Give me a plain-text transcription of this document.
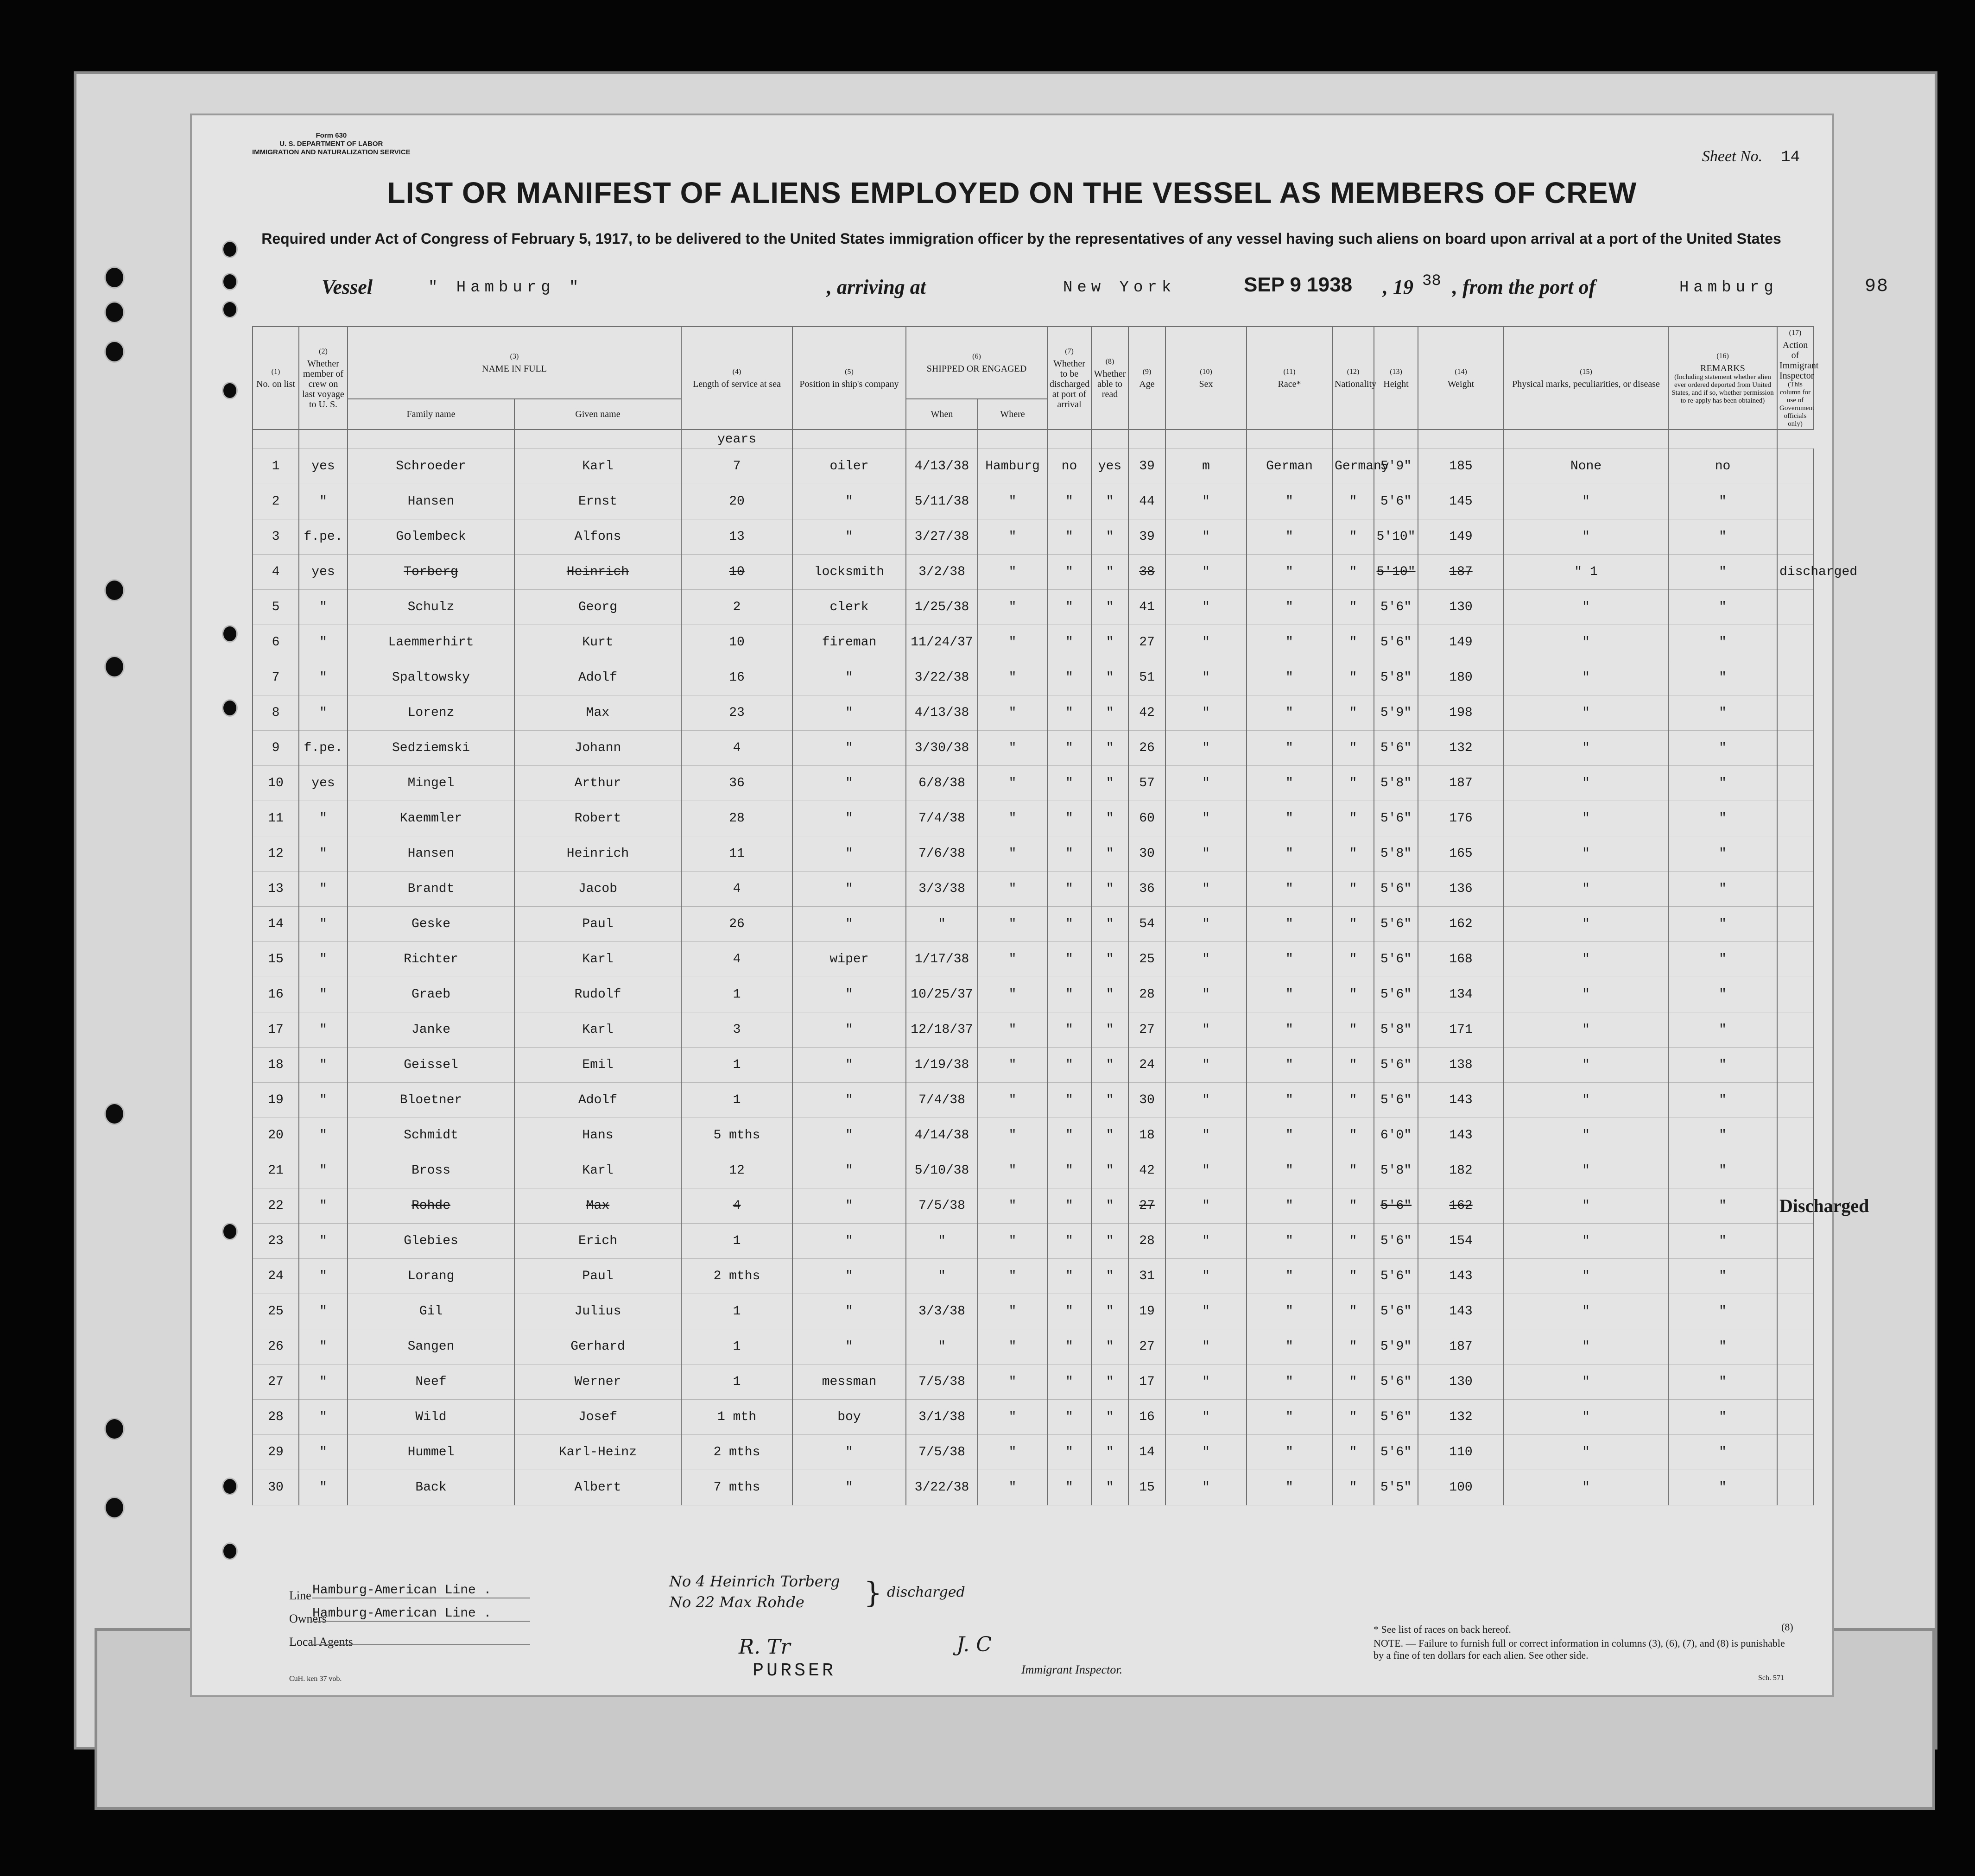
Form 630
U. S. DEPARTMENT OF LABOR
IMMIGRATION AND NATURALIZATION SERVICE	Sheet No. 14
LIST OR MANIFEST OF ALIENS EMPLOYED ON THE VESSEL AS MEMBERS OF CREW
Required under Act of Congress of February 5, 1917, to be delivered to the United States immigration officer by the representatives of any vessel having such aliens on board upon arrival at a port of the United States
Vessel	" Hamburg "	, arriving at	New York	SEP 9 1938 , 19 38 , from the port of	Hamburg	98
(1)
No. on list	(2)
Whether member of crew on last voyage to U. S.	(3)
NAME IN FULL		(4)
Length of service at sea	(5)
Position in ship's company	(6)
SHIPPED OR ENGAGED		(7)
Whether to be discharged at port of arrival	(8)
Whether able to read	(9)
Age	(10)
Sex	(11)
Race*	(12)
Nationality	(13)
Height	(14)
Weight	(15)
Physical marks, peculiarities, or disease	(16)
REMARKS

(Including statement whether alien ever ordered deported from United States, and if so, whether permission to re-apply has been obtained)	(17)
Action of Immigrant Inspector

(This column for use of Government officials only)

		Family name	Given name			When	Where											
				years														
1	yes	Schroeder	Karl	7	oiler	4/13/38	Hamburg	no	yes	39	m	German	Germany	5'9"	185	None	no	
2	"	Hansen	Ernst	20	"	5/11/38	"	"	"	44	"	"	"	5'6"	145	"	"	
3	f.pe.	Golembeck	Alfons	13	"	3/27/38	"	"	"	39	"	"	"	5'10"	149	"	"	
4	yes	Torberg	Heinrich	10	locksmith	3/2/38	"	"	"	38	"	"	"	5'10"	187	" 1	"	discharged
5	"	Schulz	Georg	2	clerk	1/25/38	"	"	"	41	"	"	"	5'6"	130	"	"	
6	"	Laemmerhirt	Kurt	10	fireman	11/24/37	"	"	"	27	"	"	"	5'6"	149	"	"	
7	"	Spaltowsky	Adolf	16	"	3/22/38	"	"	"	51	"	"	"	5'8"	180	"	"	
8	"	Lorenz	Max	23	"	4/13/38	"	"	"	42	"	"	"	5'9"	198	"	"	
9	f.pe.	Sedziemski	Johann	4	"	3/30/38	"	"	"	26	"	"	"	5'6"	132	"	"	
10	yes	Mingel	Arthur	36	"	6/8/38	"	"	"	57	"	"	"	5'8"	187	"	"	
11	"	Kaemmler	Robert	28	"	7/4/38	"	"	"	60	"	"	"	5'6"	176	"	"	
12	"	Hansen	Heinrich	11	"	7/6/38	"	"	"	30	"	"	"	5'8"	165	"	"	
13	"	Brandt	Jacob	4	"	3/3/38	"	"	"	36	"	"	"	5'6"	136	"	"	
14	"	Geske	Paul	26	"	"	"	"	"	54	"	"	"	5'6"	162	"	"	
15	"	Richter	Karl	4	wiper	1/17/38	"	"	"	25	"	"	"	5'6"	168	"	"	
16	"	Graeb	Rudolf	1	"	10/25/37	"	"	"	28	"	"	"	5'6"	134	"	"	
17	"	Janke	Karl	3	"	12/18/37	"	"	"	27	"	"	"	5'8"	171	"	"	
18	"	Geissel	Emil	1	"	1/19/38	"	"	"	24	"	"	"	5'6"	138	"	"	
19	"	Bloetner	Adolf	1	"	7/4/38	"	"	"	30	"	"	"	5'6"	143	"	"	
20	"	Schmidt	Hans	5 mths	"	4/14/38	"	"	"	18	"	"	"	6'0"	143	"	"	
21	"	Bross	Karl	12	"	5/10/38	"	"	"	42	"	"	"	5'8"	182	"	"	
22	"	Rohde	Max	4	"	7/5/38	"	"	"	27	"	"	"	5'6"	162	"	"	Discharged
23	"	Glebies	Erich	1	"	"	"	"	"	28	"	"	"	5'6"	154	"	"	
24	"	Lorang	Paul	2 mths	"	"	"	"	"	31	"	"	"	5'6"	143	"	"	
25	"	Gil	Julius	1	"	3/3/38	"	"	"	19	"	"	"	5'6"	143	"	"	
26	"	Sangen	Gerhard	1	"	"	"	"	"	27	"	"	"	5'9"	187	"	"	
27	"	Neef	Werner	1	messman	7/5/38	"	"	"	17	"	"	"	5'6"	130	"	"	
28	"	Wild	Josef	1 mth	boy	3/1/38	"	"	"	16	"	"	"	5'6"	132	"	"	
29	"	Hummel	Karl-Heinz	2 mths	"	7/5/38	"	"	"	14	"	"	"	5'6"	110	"	"	
30	"	Back	Albert	7 mths	"	3/22/38	"	"	"	15	"	"	"	5'5"	100	"	"	
Line Hamburg-American Line .
Owners
Hamburg-American Line .
Local Agents
No 4 Heinrich Torberg
No 22 Max Rohde } discharged
R. Tr
PURSER
J. C
Immigrant Inspector.
* See list of races on back hereof.
NOTE. — Failure to furnish full or correct information in columns (3), (6), (7), and (8) is punishable by a fine of ten dollars for each alien. See other side.
(8)
Sch. 571
CuH. ken 37 vob.
